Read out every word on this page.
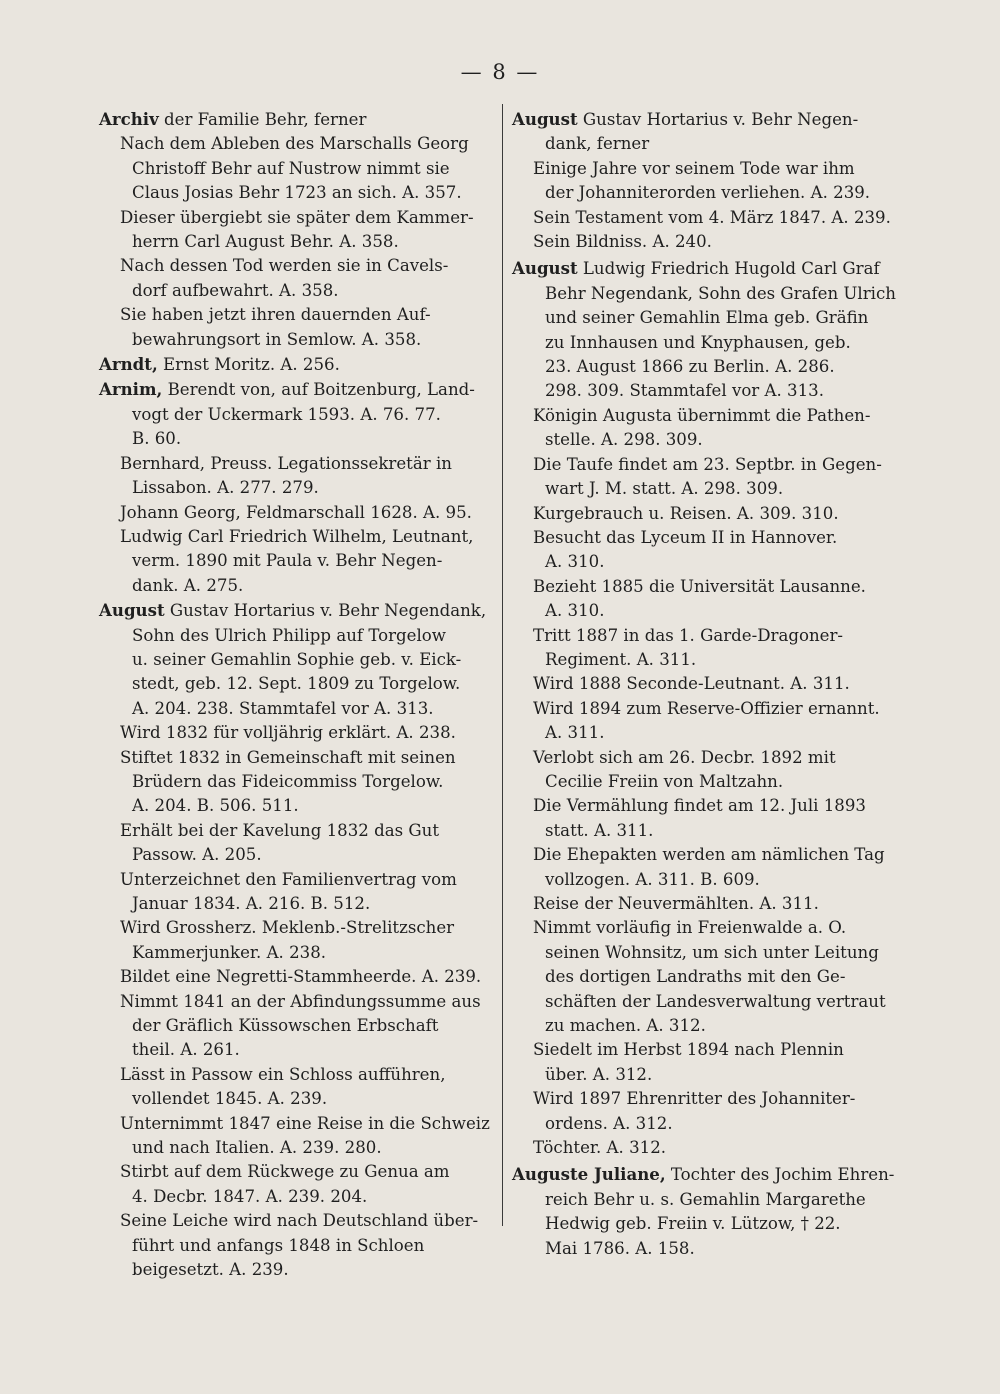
— 8 —
Archiv der Familie Behr, ferner
Nach dem Ableben des Marschalls Georg
Christoff Behr auf Nustrow nimmt sie
Claus Josias Behr 1723 an sich. A. 357.
Dieser übergiebt sie später dem Kammer-
herrn Carl August Behr. A. 358.
Nach dessen Tod werden sie in Cavels-
dorf aufbewahrt. A. 358.
Sie haben jetzt ihren dauernden Auf-
bewahrungsort in Semlow. A. 358.
Arndt, Ernst Moritz. A. 256.
Arnim, Berendt von, auf Boitzenburg, Land-
vogt der Uckermark 1593. A. 76. 77.
B. 60.
Bernhard, Preuss. Legationssekretär in
Lissabon. A. 277. 279.
Johann Georg, Feldmarschall 1628. A. 95.
Ludwig Carl Friedrich Wilhelm, Leutnant,
verm. 1890 mit Paula v. Behr Negen-
dank. A. 275.
August Gustav Hortarius v. Behr Negendank,
Sohn des Ulrich Philipp auf Torgelow
u. seiner Gemahlin Sophie geb. v. Eick-
stedt, geb. 12. Sept. 1809 zu Torgelow.
A. 204. 238. Stammtafel vor A. 313.
Wird 1832 für volljährig erklärt. A. 238.
Stiftet 1832 in Gemeinschaft mit seinen
Brüdern das Fideicommiss Torgelow.
A. 204. B. 506. 511.
Erhält bei der Kavelung 1832 das Gut
Passow. A. 205.
Unterzeichnet den Familienvertrag vom
Januar 1834. A. 216. B. 512.
Wird Grossherz. Meklenb.-Strelitzscher
Kammerjunker. A. 238.
Bildet eine Negretti-Stammheerde. A. 239.
Nimmt 1841 an der Abfindungssumme aus
der Gräflich Küssowschen Erbschaft
theil. A. 261.
Lässt in Passow ein Schloss aufführen,
vollendet 1845. A. 239.
Unternimmt 1847 eine Reise in die Schweiz
und nach Italien. A. 239. 280.
Stirbt auf dem Rückwege zu Genua am
4. Decbr. 1847. A. 239. 204.
Seine Leiche wird nach Deutschland über-
führt und anfangs 1848 in Schloen
beigesetzt. A. 239.
August Gustav Hortarius v. Behr Negen-
dank, ferner
Einige Jahre vor seinem Tode war ihm
der Johanniterorden verliehen. A. 239.
Sein Testament vom 4. März 1847. A. 239.
Sein Bildniss. A. 240.
August Ludwig Friedrich Hugold Carl Graf
Behr Negendank, Sohn des Grafen Ulrich
und seiner Gemahlin Elma geb. Gräfin
zu Innhausen und Knyphausen, geb.
23. August 1866 zu Berlin. A. 286.
298. 309. Stammtafel vor A. 313.
Königin Augusta übernimmt die Pathen-
stelle. A. 298. 309.
Die Taufe findet am 23. Septbr. in Gegen-
wart J. M. statt. A. 298. 309.
Kurgebrauch u. Reisen. A. 309. 310.
Besucht das Lyceum II in Hannover.
A. 310.
Bezieht 1885 die Universität Lausanne.
A. 310.
Tritt 1887 in das 1. Garde-Dragoner-
Regiment. A. 311.
Wird 1888 Seconde-Leutnant. A. 311.
Wird 1894 zum Reserve-Offizier ernannt.
A. 311.
Verlobt sich am 26. Decbr. 1892 mit
Cecilie Freiin von Maltzahn.
Die Vermählung findet am 12. Juli 1893
statt. A. 311.
Die Ehepakten werden am nämlichen Tag
vollzogen. A. 311. B. 609.
Reise der Neuvermählten. A. 311.
Nimmt vorläufig in Freienwalde a. O.
seinen Wohnsitz, um sich unter Leitung
des dortigen Landraths mit den Ge-
schäften der Landesverwaltung vertraut
zu machen. A. 312.
Siedelt im Herbst 1894 nach Plennin
über. A. 312.
Wird 1897 Ehrenritter des Johanniter-
ordens. A. 312.
Töchter. A. 312.
Auguste Juliane, Tochter des Jochim Ehren-
reich Behr u. s. Gemahlin Margarethe
Hedwig geb. Freiin v. Lützow, † 22.
Mai 1786. A. 158.
